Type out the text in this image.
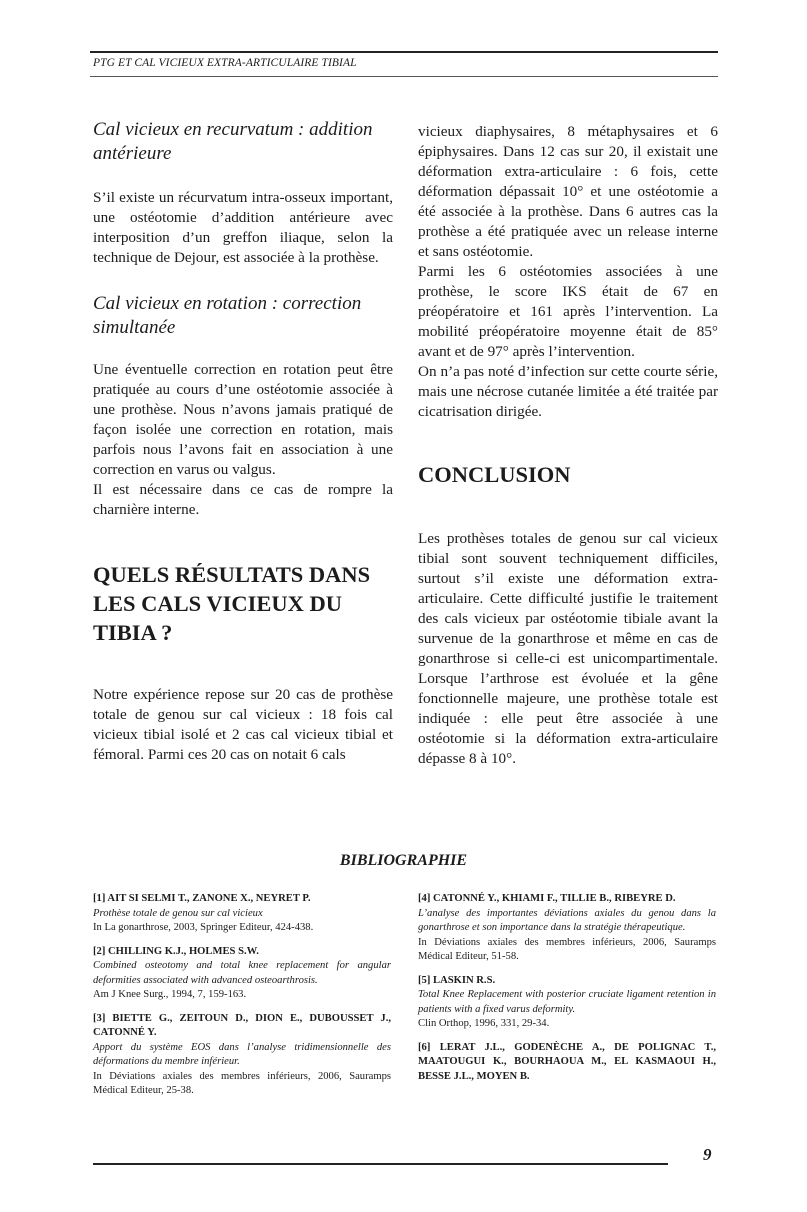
PTG ET CAL VICIEUX EXTRA-ARTICULAIRE TIBIAL

Cal vicieux en recurvatum : addition antérieure

S’il existe un récurvatum intra-osseux important, une ostéotomie d’addition antérieure avec interposition d’un greffon iliaque, selon la technique de Dejour, est associée à la prothèse.

Cal vicieux en rotation : correction simultanée

Une éventuelle correction en rotation peut être pratiquée au cours d’une ostéotomie associée à une prothèse. Nous n’avons jamais pratiqué de façon isolée une correction en rotation, mais parfois nous l’avons fait en association à une correction en varus ou valgus.

Il est nécessaire dans ce cas de rompre la charnière interne.

QUELS RÉSULTATS DANS LES CALS VICIEUX DU TIBIA ?

Notre expérience repose sur 20 cas de prothèse totale de genou sur cal vicieux : 18 fois cal vicieux tibial isolé et 2 cas cal vicieux tibial et fémoral. Parmi ces 20 cas on notait 6 cals

vicieux diaphysaires, 8 métaphysaires et 6 épiphysaires. Dans 12 cas sur 20, il existait une déformation extra-articulaire : 6 fois, cette déformation dépassait 10° et une ostéotomie a été associée à la prothèse. Dans 6 autres cas la prothèse a été pratiquée avec un release interne et sans ostéotomie.

Parmi les 6 ostéotomies associées à une prothèse, le score IKS était de 67 en préopératoire et 161 après l’intervention. La mobilité préopératoire moyenne était de 85° avant et de 97° après l’intervention.

On n’a pas noté d’infection sur cette courte série, mais une nécrose cutanée limitée a été traitée par cicatrisation dirigée.

CONCLUSION

Les prothèses totales de genou sur cal vicieux tibial sont souvent techniquement difficiles, surtout s’il existe une déformation extra-articulaire. Cette difficulté justifie le traitement des cals vicieux par ostéotomie tibiale avant la survenue de la gonarthrose et même en cas de gonarthrose si celle-ci est unicompartimentale. Lorsque l’arthrose est évoluée et la gêne fonctionnelle majeure, une prothèse totale est indiquée : elle peut être associée à une ostéotomie si la déformation extra-articulaire dépasse 8 à 10°.

BIBLIOGRAPHIE

[1] AIT SI SELMI T., ZANONE X., NEYRET P.
Prothèse totale de genou sur cal vicieux
In La gonarthrose, 2003, Springer Editeur, 424-438.

[2] CHILLING K.J., HOLMES S.W.
Combined osteotomy and total knee replacement for angular deformities associated with advanced osteoarthrosis.
Am J Knee Surg., 1994, 7, 159-163.

[3] BIETTE G., ZEITOUN D., DION E., DUBOUSSET J., CATONNÉ Y.
Apport du système EOS dans l’analyse tridimensionnelle des déformations du membre inférieur.
In Déviations axiales des membres inférieurs, 2006, Sauramps Médical Editeur, 25-38.

[4] CATONNÉ Y., KHIAMI F., TILLIE B., RIBEYRE D.
L’analyse des importantes déviations axiales du genou dans la gonarthrose et son importance dans la stratégie thérapeutique.
In Déviations axiales des membres inférieurs, 2006, Sauramps Médical Editeur, 51-58.

[5] LASKIN R.S.
Total Knee Replacement with posterior cruciate ligament retention in patients with a fixed varus deformity.
Clin Orthop, 1996, 331, 29-34.

[6] LERAT J.L., GODENÈCHE A., DE POLIGNAC T., MAATOUGUI K., BOURHAOUA M., EL KASMAOUI H., BESSE J.L., MOYEN B.

9
